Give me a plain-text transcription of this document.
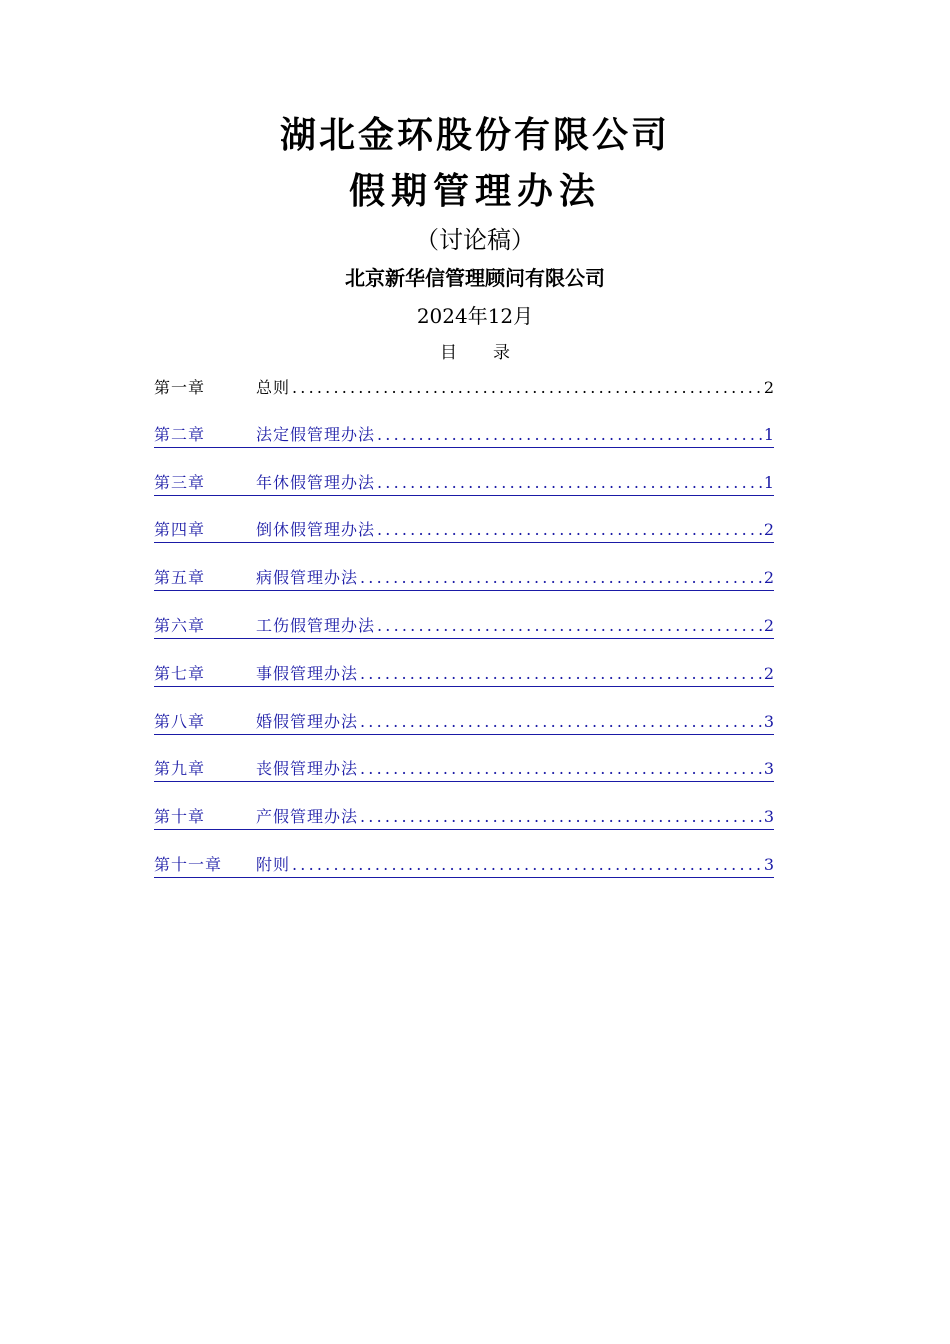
湖北金环股份有限公司
假期管理办法
（讨论稿）
北京新华信管理顾问有限公司
2024年12月
目录
第一章	总则 .....	2
第二章	法定假管理办法 .....	1
第三章	年休假管理办法 .....	1
第四章	倒休假管理办法 .....	2
第五章	病假管理办法 .....	2
第六章	工伤假管理办法 .....	2
第七章	事假管理办法 .....	2
第八章	婚假管理办法 .....	3
第九章	丧假管理办法 .....	3
第十章	产假管理办法 .....	3
第十一章	附则 .....	3
